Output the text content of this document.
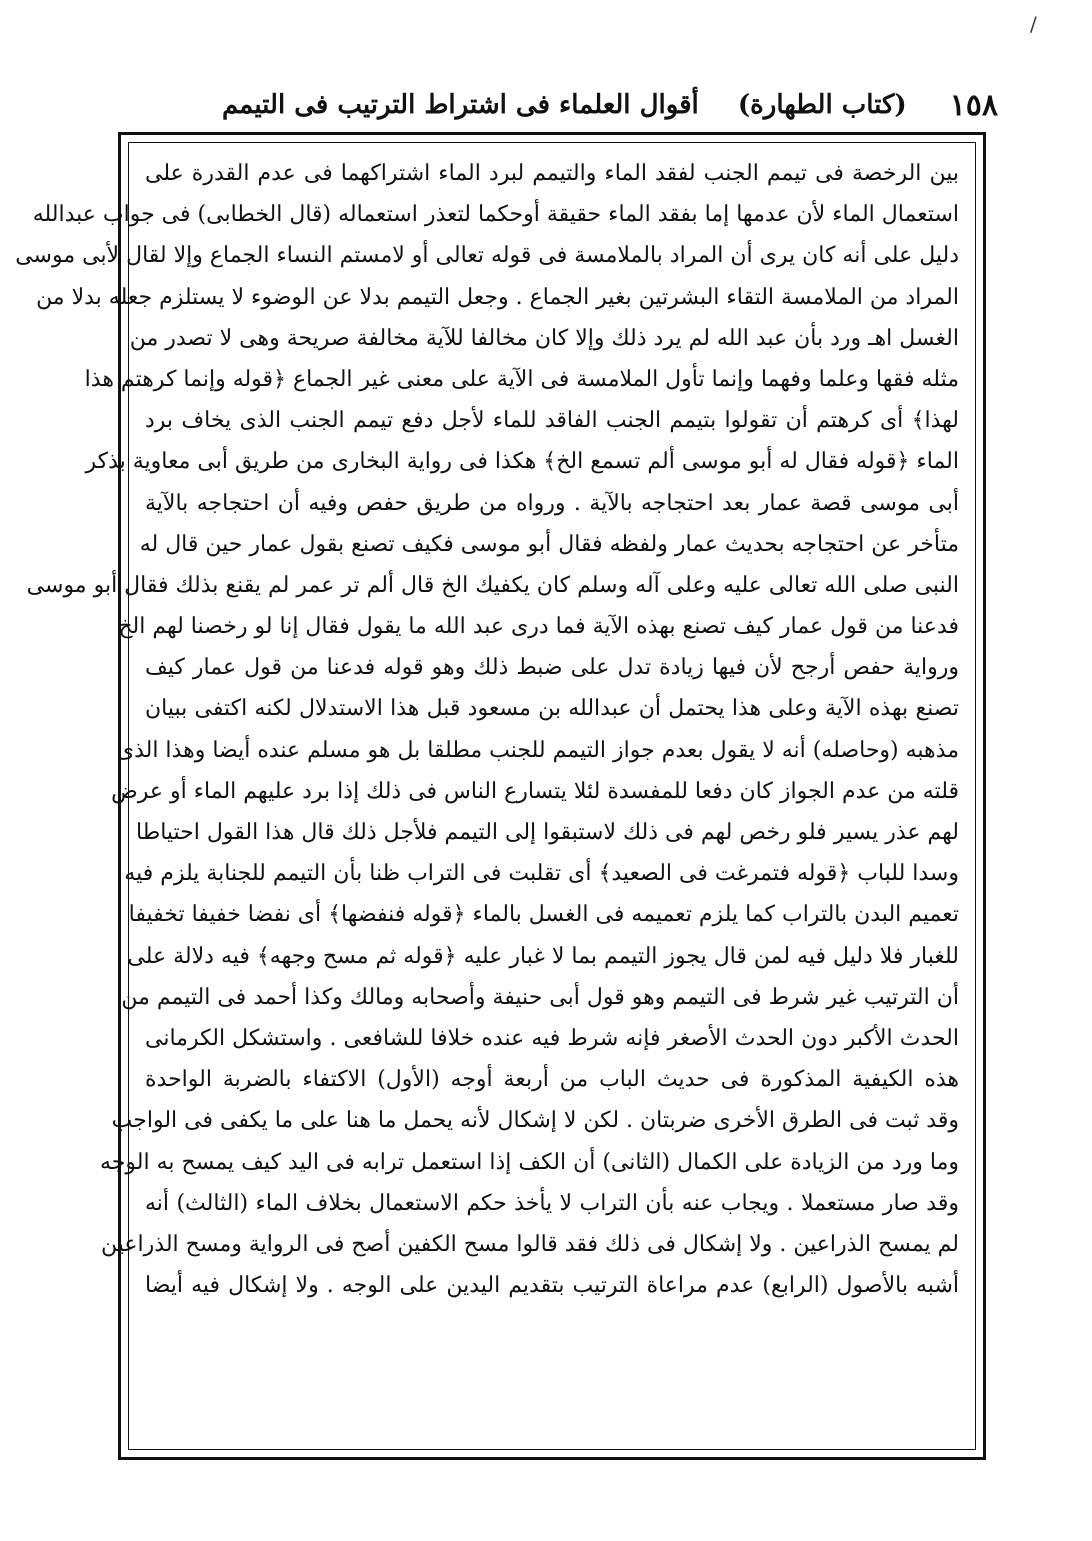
/
١٥٨
(كتاب الطهارة) أقوال العلماء فى اشتراط الترتيب فى التيمم
بين الرخصة فى تيمم الجنب لفقد الماء والتيمم لبرد الماء اشتراكهما فى عدم القدرة على
استعمال الماء لأن عدمها إما بفقد الماء حقيقة أوحكما لتعذر استعماله (قال الخطابى) فى جواب عبدالله
دليل على أنه كان يرى أن المراد بالملامسة فى قوله تعالى أو لامستم النساء الجماع وإلا لقال لأبى موسى
المراد من الملامسة التقاء البشرتين بغير الجماع . وجعل التيمم بدلا عن الوضوء لا يستلزم جعله بدلا من
الغسل اهـ ورد بأن عبد الله لم يرد ذلك وإلا كان مخالفا للآية مخالفة صريحة وهى لا تصدر من
مثله فقها وعلما وفهما وإنما تأول الملامسة فى الآية على معنى غير الجماع ﴿قوله وإنما كرهتم هذا
لهذا﴾ أى كرهتم أن تقولوا بتيمم الجنب الفاقد للماء لأجل دفع تيمم الجنب الذى يخاف برد
الماء ﴿قوله فقال له أبو موسى ألم تسمع الخ﴾ هكذا فى رواية البخارى من طريق أبى معاوية بذكر
أبى موسى قصة عمار بعد احتجاجه بالآية . ورواه من طريق حفص وفيه أن احتجاجه بالآية
متأخر عن احتجاجه بحديث عمار ولفظه فقال أبو موسى فكيف تصنع بقول عمار حين قال له
النبى صلى الله تعالى عليه وعلى آله وسلم كان يكفيك الخ قال ألم تر عمر لم يقنع بذلك فقال أبو موسى
فدعنا من قول عمار كيف تصنع بهذه الآية فما درى عبد الله ما يقول فقال إنا لو رخصنا لهم الخ
ورواية حفص أرجح لأن فيها زيادة تدل على ضبط ذلك وهو قوله فدعنا من قول عمار كيف
تصنع بهذه الآية وعلى هذا يحتمل أن عبدالله بن مسعود قبل هذا الاستدلال لكنه اكتفى ببيان
مذهبه (وحاصله) أنه لا يقول بعدم جواز التيمم للجنب مطلقا بل هو مسلم عنده أيضا وهذا الذى
قلته من عدم الجواز كان دفعا للمفسدة لئلا يتسارع الناس فى ذلك إذا برد عليهم الماء أو عرض
لهم عذر يسير فلو رخص لهم فى ذلك لاستبقوا إلى التيمم فلأجل ذلك قال هذا القول احتياطا
وسدا للباب ﴿قوله فتمرغت فى الصعيد﴾ أى تقلبت فى التراب ظنا بأن التيمم للجنابة يلزم فيه
تعميم البدن بالتراب كما يلزم تعميمه فى الغسل بالماء ﴿قوله فنفضها﴾ أى نفضا خفيفا تخفيفا
للغبار فلا دليل فيه لمن قال يجوز التيمم بما لا غبار عليه ﴿قوله ثم مسح وجهه﴾ فيه دلالة على
أن الترتيب غير شرط فى التيمم وهو قول أبى حنيفة وأصحابه ومالك وكذا أحمد فى التيمم من
الحدث الأكبر دون الحدث الأصغر فإنه شرط فيه عنده خلافا للشافعى . واستشكل الكرمانى
هذه الكيفية المذكورة فى حديث الباب من أربعة أوجه (الأول) الاكتفاء بالضربة الواحدة
وقد ثبت فى الطرق الأخرى ضربتان . لكن لا إشكال لأنه يحمل ما هنا على ما يكفى فى الواجب
وما ورد من الزيادة على الكمال (الثانى) أن الكف إذا استعمل ترابه فى اليد كيف يمسح به الوجه
وقد صار مستعملا . ويجاب عنه بأن التراب لا يأخذ حكم الاستعمال بخلاف الماء (الثالث) أنه
لم يمسح الذراعين . ولا إشكال فى ذلك فقد قالوا مسح الكفين أصح فى الرواية ومسح الذراعين
أشبه بالأصول (الرابع) عدم مراعاة الترتيب بتقديم اليدين على الوجه . ولا إشكال فيه أيضا
